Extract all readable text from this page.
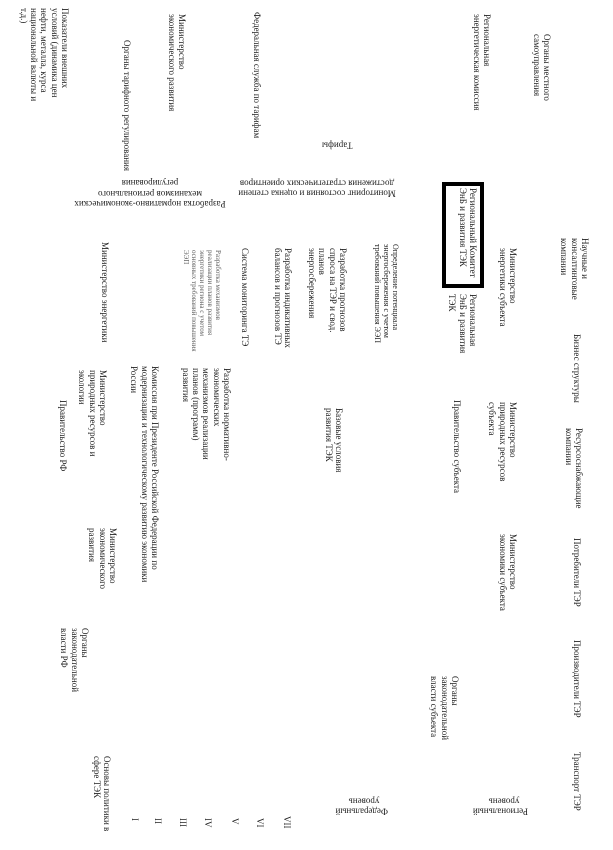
Показатели внешних условий (динамика цен нефти, металла, курса национальной валюты и т.д.)
Органы тарифного регулирования	Министерство экономического развития	Федеральная служба по тарифам	Региональная энергетическая комиссия	Органы местного самоуправления
Тарифы
Разработка нормативно-экономических механизмов регионального регулирования
Мониторинг состояния и оценка степени достижения стратегических ориентиров
Министерство энергетики	Разработка механизмов реализации планов развития энергетики региона с учетом основных требований повышения ЭЭП	Система мониторинга ТЭ	Разработка индикативных балансов и прогнозов ТЭ	Разработка прогнозов спроса на ТЭР и свод. планов энергосбережения	Определение потенциала энергосбережения с учетом требований повышения ЭЭП
Региональный Комитет ЭнБ и развития ТЭК
Региональная ЭнБ и развития ТЭК	Министерство энергетики субъекта	Научные и консалтинговые компании
Правительство РФ
Министерство природных ресурсов и экологии	Комиссия при Президенте Российской Федерации по модернизации и технологическому развитию экономики России	Разработка нормативно-экономических механизмов реализации планов (программ) развития
Базовые условия развития ТЭК	Правительство субъекта	Министерство природных ресурсов субъекта
Бизнес структуры
Ресурсоснабжающие компании
Министерство экономического развития	Министерство экономики субъекта	Потребители ТЭР
Органы законодательной власти РФ
Органы законодательной власти субъекта	Производители ТЭР
Основы политики в сфере ТЭК	Транспорт ТЭР
I II III IV V VI VII
Федеральный уровень
Региональный уровень
